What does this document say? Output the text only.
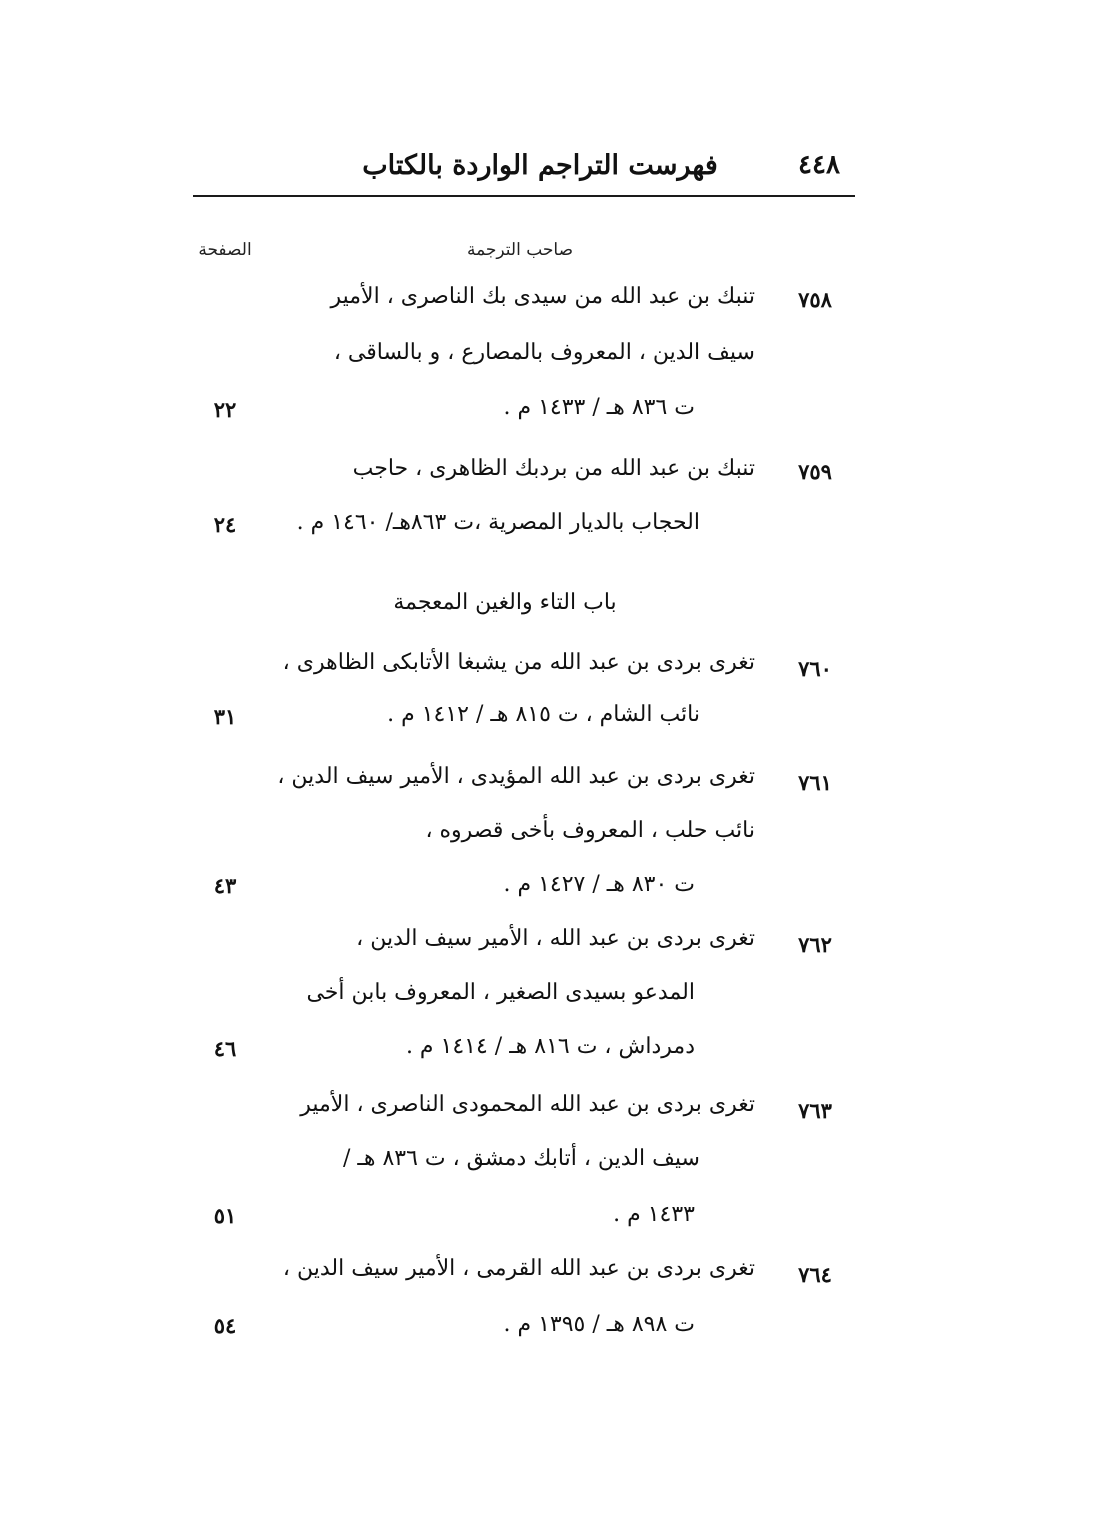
٤٤٨
فهرست التراجم الواردة بالكتاب
صاحب الترجمة
الصفحة
٧٥٨
تنبك بن عبد الله من سيدى بك الناصرى ، الأمير
سيف الدين ، المعروف بالمصارع ، و بالساقى ،
ت ٨٣٦ هـ / ١٤٣٣ م .
٢٢
٧٥٩
تنبك بن عبد الله من بردبك الظاهرى ، حاجب
الحجاب بالديار المصرية ،ت ٨٦٣هـ/ ١٤٦٠ م .
٢٤
باب التاء والغين المعجمة
٧٦٠
تغرى بردى بن عبد الله من يشبغا الأتابكى الظاهرى ،
نائب الشام ، ت ٨١٥ هـ / ١٤١٢ م .
٣١
٧٦١
تغرى بردى بن عبد الله المؤيدى ، الأمير سيف الدين ،
نائب حلب ، المعروف بأخى قصروه ،
ت ٨٣٠ هـ / ١٤٢٧ م .
٤٣
٧٦٢
تغرى بردى بن عبد الله ، الأمير سيف الدين ،
المدعو بسيدى الصغير ، المعروف بابن أخى
دمرداش ، ت ٨١٦ هـ / ١٤١٤ م .
٤٦
٧٦٣
تغرى بردى بن عبد الله المحمودى الناصرى ، الأمير
سيف الدين ، أتابك دمشق ، ت ٨٣٦ هـ /
١٤٣٣ م .
٥١
٧٦٤
تغرى بردى بن عبد الله القرمى ، الأمير سيف الدين ،
ت ٨٩٨ هـ / ١٣٩٥ م .
٥٤
